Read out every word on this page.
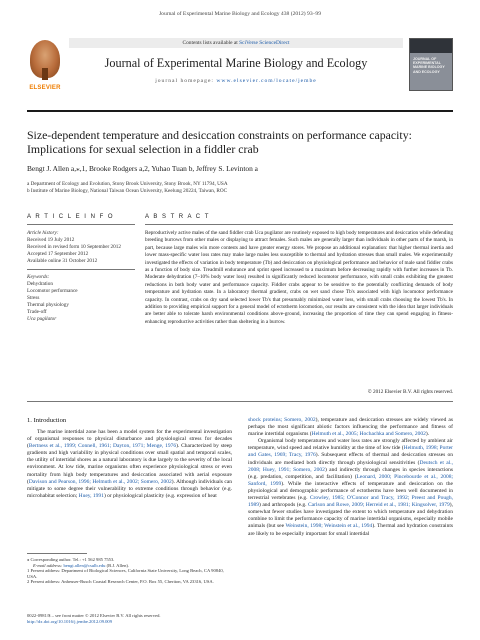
Journal of Experimental Marine Biology and Ecology 438 (2012) 93–99
ELSEVIER
Contents lists available at SciVerse ScienceDirect
Journal of Experimental Marine Biology and Ecology
journal homepage: www.elsevier.com/locate/jembe
JOURNAL OF EXPERIMENTAL MARINE BIOLOGY AND ECOLOGY
Size-dependent temperature and desiccation constraints on performance capacity:
Implications for sexual selection in a fiddler crab
Bengt J. Allen a,⁎,1, Brooke Rodgers a,2, Yuhao Tuan b, Jeffrey S. Levinton a
a Department of Ecology and Evolution, Stony Brook University, Stony Brook, NY 11794, USA
b Institute of Marine Biology, National Taiwan Ocean University, Keelung 20224, Taiwan, ROC
A R T I C L E I N F O	A B S T R A C T
Article history:
Received 19 July 2012
Received in revised form 10 September 2012
Accepted 17 September 2012
Available online 31 October 2012
Keywords:
Dehydration
Locomotor performance
Stress
Thermal physiology
Trade-off
Uca pugilator
Reproductively active males of the sand fiddler crab Uca pugilator are routinely exposed to high body temperatures and desiccation while defending breeding burrows from other males or displaying to attract females. Such males are generally larger than individuals in other parts of the marsh, in part, because large males win more contests and have greater energy stores. We propose an additional explanation: that higher thermal inertia and lower mass-specific water loss rates may make large males less susceptible to thermal and hydration stresses than small males. We experimentally investigated the effects of variation in body temperature (Tb) and desiccation on physiological performance and behavior of male sand fiddler crabs as a function of body size. Treadmill endurance and sprint speed increased to a maximum before decreasing rapidly with further increases in Tb. Moderate dehydration (7–10% body water loss) resulted in significantly reduced locomotor performance, with small crabs exhibiting the greatest reductions in both body water and performance capacity. Fiddler crabs appear to be sensitive to the potentially conflicting demands of body temperature and hydration state. In a laboratory thermal gradient, crabs on wet sand chose Tb's associated with high locomotor performance capacity. In contrast, crabs on dry sand selected lower Tb's that presumably minimized water loss, with small crabs choosing the lowest Tb's. In addition to providing empirical support for a general model of ectotherm locomotion, our results are consistent with the idea that larger individuals are better able to tolerate harsh environmental conditions above-ground, increasing the proportion of time they can spend engaging in fitness-enhancing reproductive activities rather than sheltering in a burrow.
© 2012 Elsevier B.V. All rights reserved.
1. Introduction

The marine intertidal zone has been a model system for the experimental investigation of organismal responses to physical disturbance and physiological stress for decades (Bertness et al., 1999; Connell, 1961; Dayton, 1971; Menge, 1976). Characterized by steep gradients and high variability in physical conditions over small spatial and temporal scales, the utility of intertidal shores as a natural laboratory is due largely to the severity of the local environment. At low tide, marine organisms often experience physiological stress or even mortality from high body temperatures and desiccation associated with aerial exposure (Davison and Pearson, 1996; Helmuth et al., 2002; Somero, 2002). Although individuals can mitigate to some degree their vulnerability to extreme conditions through behavior (e.g. microhabitat selection; Huey, 1991) or physiological plasticity (e.g. expression of heat

shock proteins; Somero, 2002), temperature and desiccation stresses are widely viewed as perhaps the most significant abiotic factors influencing the performance and fitness of marine intertidal organisms (Helmuth et al., 2005; Hochachka and Somero, 2002).

Organismal body temperatures and water loss rates are strongly affected by ambient air temperature, wind speed and relative humidity at the time of low tide (Helmuth, 1998; Porter and Gates, 1969; Tracy, 1976). Subsequent effects of thermal and desiccation stresses on individuals are mediated both directly through physiological sensitivities (Deutsch et al., 2008; Huey, 1991; Somero, 2002) and indirectly through changes in species interactions (e.g. predation, competition, and facilitation) (Leonard, 2000; Pincebourde et al., 2008; Sanford, 1999). While the interactive effects of temperature and desiccation on the physiological and demographic performance of ectotherms have been well documented in terrestrial vertebrates (e.g. Crowley, 1985; O'Connor and Tracy, 1992; Preest and Pough, 1989) and arthropods (e.g. Carlson and Rowe, 2009; Herreid et al., 1981; Kingsolver, 1979), somewhat fewer studies have investigated the extent to which temperature and dehydration combine to limit the performance capacity of marine intertidal organisms, especially mobile animals (but see Weinstein, 1998; Weinstein et al., 1994). Thermal and hydration constraints are likely to be especially important for small intertidal

⁎ Corresponding author. Tel.: +1 562 985 7553.
E-mail address: bengt.allen@csulb.edu (B.J. Allen).
1 Present address: Department of Biological Sciences, California State University, Long Beach, CA 90840, USA.
2 Present address: Anheuser-Busch Coastal Research Center, P.O. Box 55, Cheriton, VA 23316, USA.
0022-0981/$ – see front matter © 2012 Elsevier B.V. All rights reserved.
http://dx.doi.org/10.1016/j.jembe.2012.09.009
